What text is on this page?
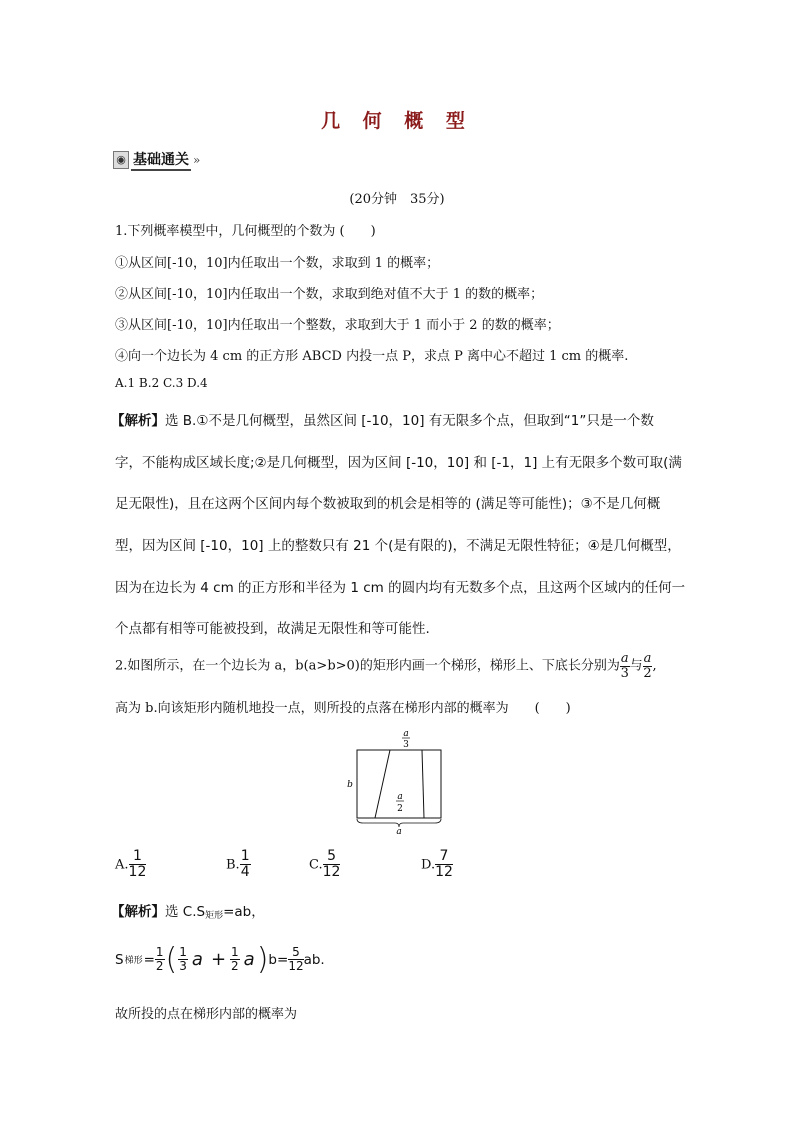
几 何 概 型
◉ 基础通关 »
(20分钟　35分)
1.下列概率模型中，几何概型的个数为 (　　)
①从区间[-10，10]内任取出一个数，求取到 1 的概率；
②从区间[-10，10]内任取出一个数，求取到绝对值不大于 1 的数的概率；
③从区间[-10，10]内任取出一个整数，求取到大于 1 而小于 2 的数的概率；
④向一个边长为 4 cm 的正方形 ABCD 内投一点 P，求点 P 离中心不超过 1 cm 的概率.
A.1 B.2 C.3 D.4
【解析】选 B.①不是几何概型，虽然区间 [-10，10] 有无限多个点，但取到“1”只是一个数
字，不能构成区域长度;②是几何概型，因为区间 [-10，10] 和 [-1，1] 上有无限多个数可取(满
足无限性)，且在这两个区间内每个数被取到的机会是相等的 (满足等可能性)；③不是几何概
型，因为区间 [-10，10] 上的整数只有 21 个(是有限的)，不满足无限性特征；④是几何概型，
因为在边长为 4 cm 的正方形和半径为 1 cm 的圆内均有无数多个点，且这两个区域内的任何一
个点都有相等可能被投到，故满足无限性和等可能性.
2.如图所示，在一个边长为 a，b(a>b>0)的矩形内画一个梯形，梯形上、下底长分别为 $\frac{a}{3}$ 与 $\frac{a}{2}$ ,
高为 b.向该矩形内随机地投一点，则所投的点落在梯形内部的概率为　　(　　)
a
3
a
2
b
a
A. $\frac{1}{12}$	B. $\frac{1}{4}$	C. $\frac{5}{12}$	D. $\frac{7}{12}$
【解析】选 $C.S_{矩形}=ab$，
S 梯形 = $\frac{1}{2}$ ( 1
3 $a + \frac{1}{2}$ a ) $b= \frac{5}{12}$ ab.
故所投的点在梯形内部的概率为
